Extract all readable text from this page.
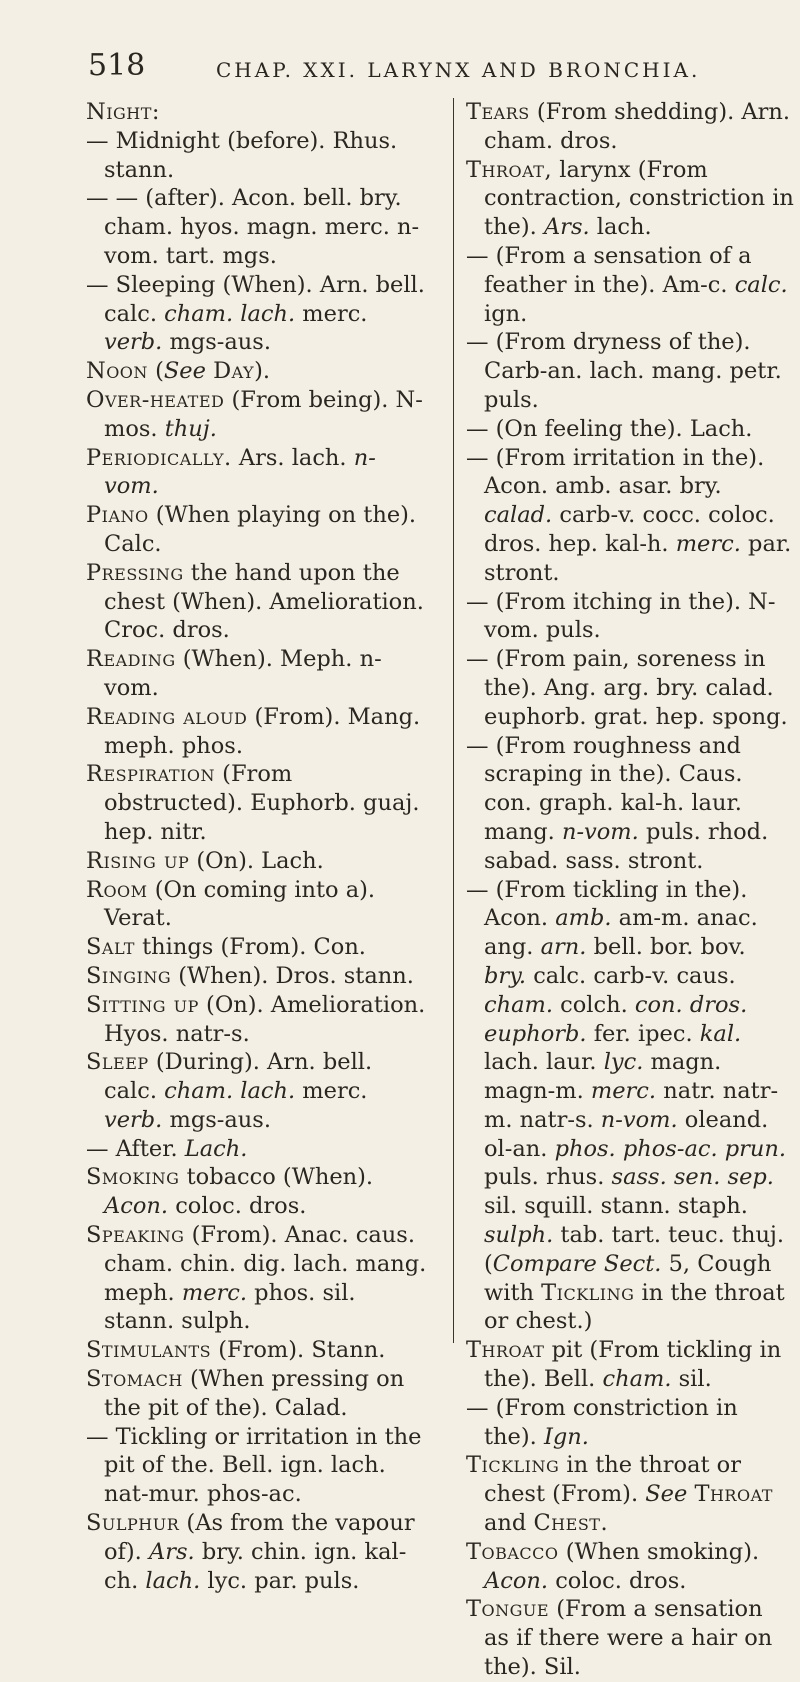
518	CHAP. XXI. LARYNX AND BRONCHIA.

Night:

— Midnight (before). Rhus. stann.

— — (after). Acon. bell. bry. cham. hyos. magn. merc. n-vom. tart. mgs.

— Sleeping (When). Arn. bell. calc. cham. lach. merc. verb. mgs-aus.

Noon (See Day).

Over-heated (From being). N-mos. thuj.

Periodically. Ars. lach. n-vom.

Piano (When playing on the). Calc.

Pressing the hand upon the chest (When). Amelioration. Croc. dros.

Reading (When). Meph. n-vom.

Reading aloud (From). Mang. meph. phos.

Respiration (From obstructed). Euphorb. guaj. hep. nitr.

Rising up (On). Lach.

Room (On coming into a). Verat.

Salt things (From). Con.

Singing (When). Dros. stann.

Sitting up (On). Amelioration. Hyos. natr-s.

Sleep (During). Arn. bell. calc. cham. lach. merc. verb. mgs-aus.

— After. Lach.

Smoking tobacco (When). Acon. coloc. dros.

Speaking (From). Anac. caus. cham. chin. dig. lach. mang. meph. merc. phos. sil. stann. sulph.

Stimulants (From). Stann.

Stomach (When pressing on the pit of the). Calad.

— Tickling or irritation in the pit of the. Bell. ign. lach. nat-mur. phos-ac.

Sulphur (As from the vapour of). Ars. bry. chin. ign. kal-ch. lach. lyc. par. puls.

Tears (From shedding). Arn. cham. dros.

Throat, larynx (From contraction, constriction in the). Ars. lach.

— (From a sensation of a feather in the). Am-c. calc. ign.

— (From dryness of the). Carb-an. lach. mang. petr. puls.

— (On feeling the). Lach.

— (From irritation in the). Acon. amb. asar. bry. calad. carb-v. cocc. coloc. dros. hep. kal-h. merc. par. stront.

— (From itching in the). N-vom. puls.

— (From pain, soreness in the). Ang. arg. bry. calad. euphorb. grat. hep. spong.

— (From roughness and scraping in the). Caus. con. graph. kal-h. laur. mang. n-vom. puls. rhod. sabad. sass. stront.

— (From tickling in the). Acon. amb. am-m. anac. ang. arn. bell. bor. bov. bry. calc. carb-v. caus. cham. colch. con. dros. euphorb. fer. ipec. kal. lach. laur. lyc. magn. magn-m. merc. natr. natr-m. natr-s. n-vom. oleand. ol-an. phos. phos-ac. prun. puls. rhus. sass. sen. sep. sil. squill. stann. staph. sulph. tab. tart. teuc. thuj. (Compare Sect. 5, Cough with Tickling in the throat or chest.)

Throat pit (From tickling in the). Bell. cham. sil.

— (From constriction in the). Ign.

Tickling in the throat or chest (From). See Throat and Chest.

Tobacco (When smoking). Acon. coloc. dros.

Tongue (From a sensation as if there were a hair on the). Sil.
